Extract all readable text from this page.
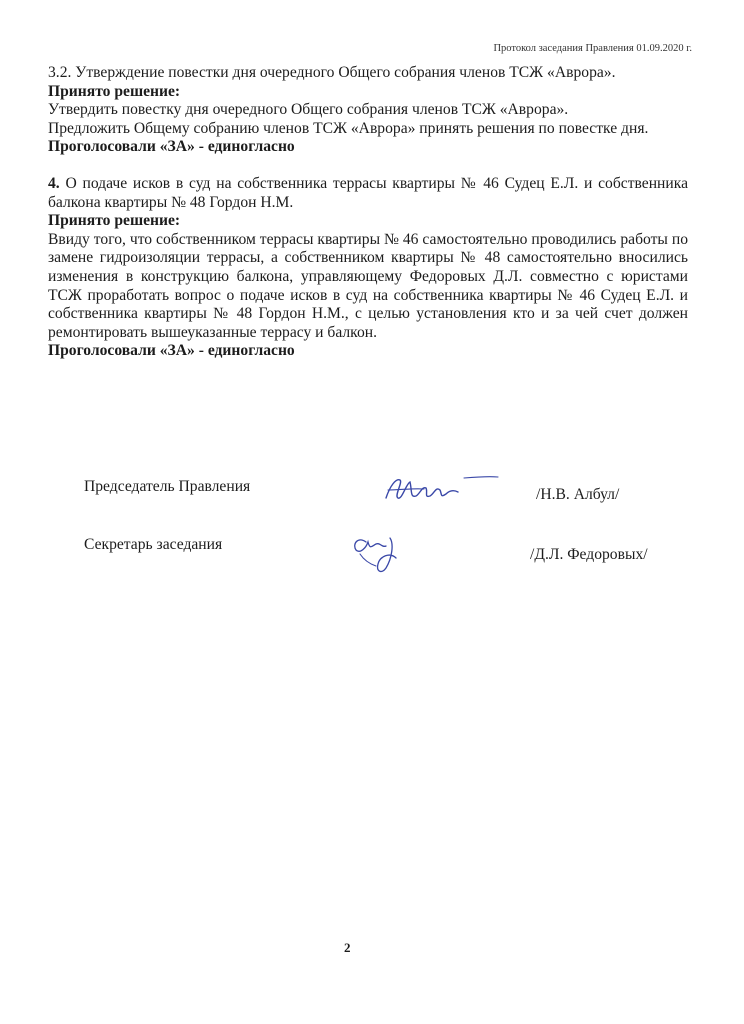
Протокол заседания Правления 01.09.2020 г.

3.2. Утверждение повестки дня очередного Общего собрания членов ТСЖ «Аврора».

Принято решение:

Утвердить повестку дня очередного Общего собрания членов ТСЖ «Аврора».

Предложить Общему собранию членов ТСЖ «Аврора» принять решения по повестке дня.

Проголосовали «ЗА» - единогласно

4. О подаче исков в суд на собственника террасы квартиры № 46 Судец Е.Л. и собственника балкона квартиры № 48 Гордон Н.М.

Принято решение:

Ввиду того, что собственником террасы квартиры № 46 самостоятельно проводились работы по замене гидроизоляции террасы, а собственником квартиры № 48 самостоятельно вносились изменения в конструкцию балкона, управляющему Федоровых Д.Л. совместно с юристами ТСЖ проработать вопрос о подаче исков в суд на собственника квартиры № 46 Судец Е.Л. и собственника квартиры № 48 Гордон Н.М., с целью установления кто и за чей счет должен ремонтировать вышеуказанные террасу и балкон.

Проголосовали «ЗА» - единогласно

Председатель Правления	/Н.В. Албул/
Секретарь заседания
/Д.Л. Федоровых/
2
